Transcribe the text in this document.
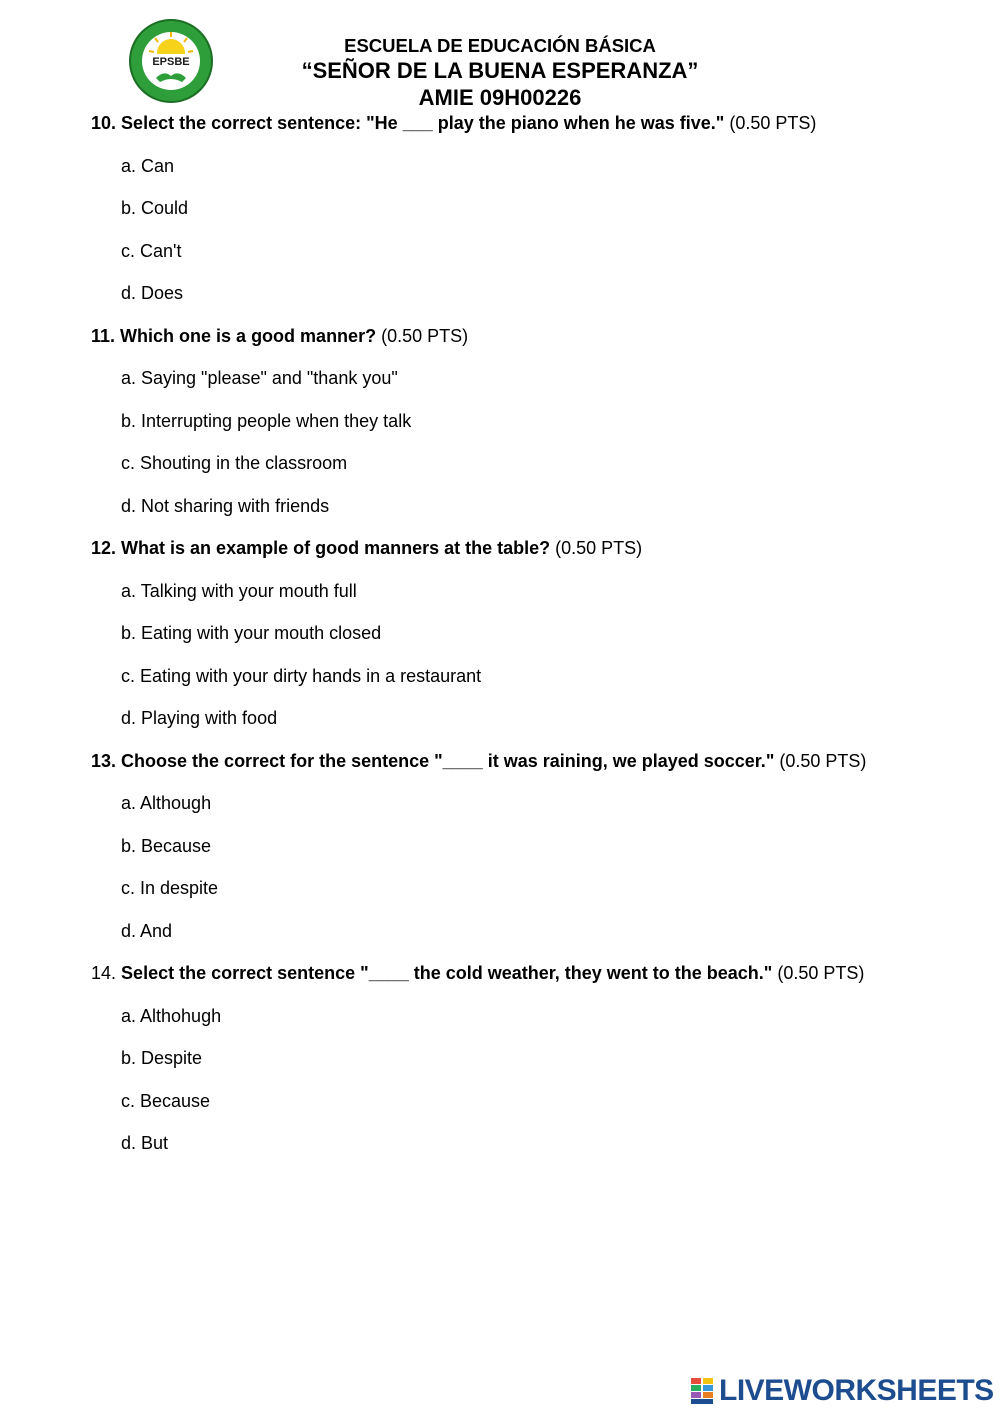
EPSBE
ESCUELA DE EDUCACIÓN BÁSICA
“SEÑOR DE LA BUENA ESPERANZA”
AMIE 09H00226
10. Select the correct sentence: "He ___ play the piano when he was five." (0.50 PTS)
a. Can
b. Could
c. Can't
d. Does
11. Which one is a good manner? (0.50 PTS)
a. Saying "please" and "thank you"
b. Interrupting people when they talk
c. Shouting in the classroom
d. Not sharing with friends
12. What is an example of good manners at the table? (0.50 PTS)
a. Talking with your mouth full
b. Eating with your mouth closed
c. Eating with your dirty hands in a restaurant
d. Playing with food
13. Choose the correct for the sentence "____ it was raining, we played soccer." (0.50 PTS)
a. Although
b. Because
c. In despite
d. And
14. Select the correct sentence "____ the cold weather, they went to the beach." (0.50 PTS)
a. Althohugh
b. Despite
c. Because
d. But
LIVEWORKSHEETS
